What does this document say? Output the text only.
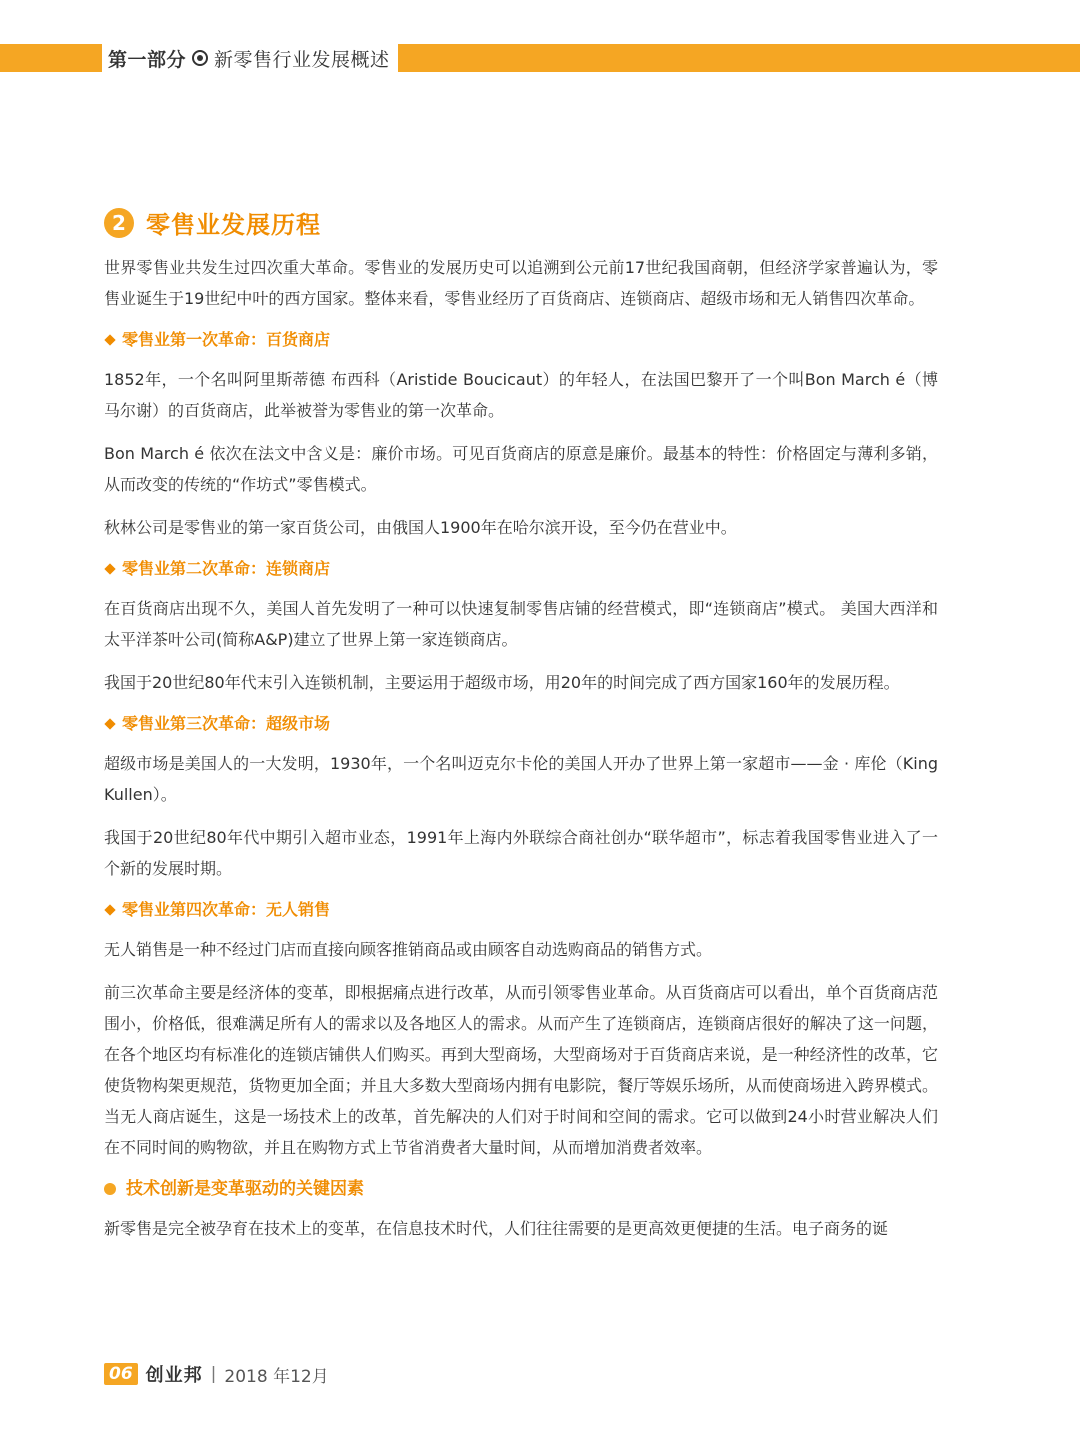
第一部分 新零售行业发展概述
2 零售业发展历程

世界零售业共发生过四次重大革命。零售业的发展历史可以追溯到公元前17世纪我国商朝，但经济学家普遍认为，零售业诞生于19世纪中叶的西方国家。整体来看，零售业经历了百货商店、连锁商店、超级市场和无人销售四次革命。

零售业第一次革命：百货商店

1852年，一个名叫阿里斯蒂德 布西科（Aristide Boucicaut）的年轻人，在法国巴黎开了一个叫Bon March é（博马尔谢）的百货商店，此举被誉为零售业的第一次革命。

Bon March é 依次在法文中含义是：廉价市场。可见百货商店的原意是廉价。最基本的特性：价格固定与薄利多销，从而改变的传统的“作坊式”零售模式。

秋林公司是零售业的第一家百货公司，由俄国人1900年在哈尔滨开设，至今仍在营业中。

零售业第二次革命：连锁商店

在百货商店出现不久，美国人首先发明了一种可以快速复制零售店铺的经营模式，即“连锁商店”模式。 美国大西洋和太平洋茶叶公司(简称A&P)建立了世界上第一家连锁商店。

我国于20世纪80年代末引入连锁机制，主要运用于超级市场，用20年的时间完成了西方国家160年的发展历程。

零售业第三次革命：超级市场

超级市场是美国人的一大发明，1930年，一个名叫迈克尔卡伦的美国人开办了世界上第一家超市——金 · 库伦（King Kullen）。

我国于20世纪80年代中期引入超市业态，1991年上海内外联综合商社创办“联华超市”，标志着我国零售业进入了一个新的发展时期。

零售业第四次革命：无人销售

无人销售是一种不经过门店而直接向顾客推销商品或由顾客自动选购商品的销售方式。

前三次革命主要是经济体的变革，即根据痛点进行改革，从而引领零售业革命。从百货商店可以看出，单个百货商店范围小，价格低，很难满足所有人的需求以及各地区人的需求。从而产生了连锁商店，连锁商店很好的解决了这一问题，在各个地区均有标准化的连锁店铺供人们购买。再到大型商场，大型商场对于百货商店来说，是一种经济性的改革，它使货物构架更规范，货物更加全面；并且大多数大型商场内拥有电影院，餐厅等娱乐场所，从而使商场进入跨界模式。当无人商店诞生，这是一场技术上的改革，首先解决的人们对于时间和空间的需求。它可以做到24小时营业解决人们在不同时间的购物欲，并且在购物方式上节省消费者大量时间，从而增加消费者效率。

技术创新是变革驱动的关键因素

新零售是完全被孕育在技术上的变革，在信息技术时代，人们往往需要的是更高效更便捷的生活。电子商务的诞

06 创业邦 | 2018 年12月
